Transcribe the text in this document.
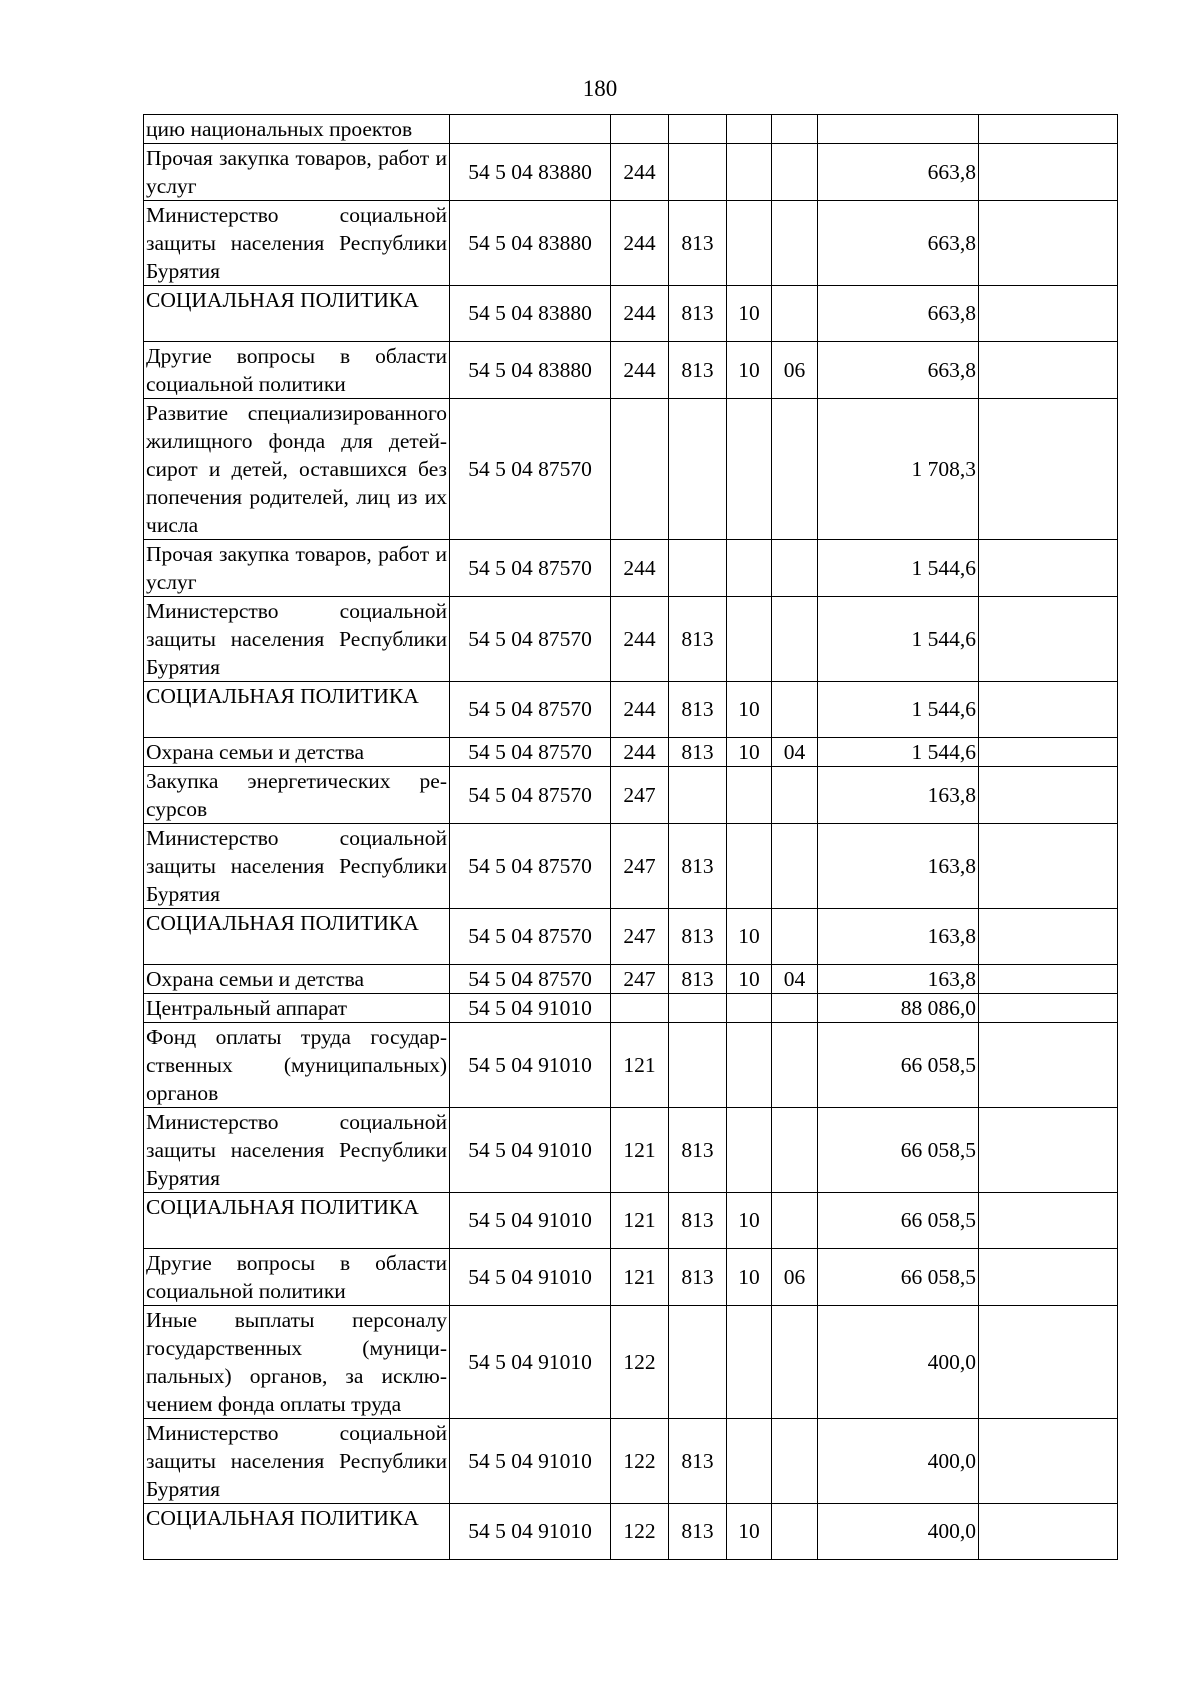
180
цию национальных проектов							
Прочая закупка товаров, работ и услуг	54 5 04 83880	244				663,8	
Министерство социальной защиты населения Республики Бурятия	54 5 04 83880	244	813			663,8	
СОЦИАЛЬНАЯ ПОЛИТИКА	54 5 04 83880	244	813	10		663,8	
Другие вопросы в области социальной политики	54 5 04 83880	244	813	10	06	663,8	
Развитие специализированного жилищного фонда для детей-сирот и детей, оставшихся без попечения родителей, лиц из их числа	54 5 04 87570					1 708,3	
Прочая закупка товаров, работ и услуг	54 5 04 87570	244				1 544,6	
Министерство социальной защиты населения Республики Бурятия	54 5 04 87570	244	813			1 544,6	
СОЦИАЛЬНАЯ ПОЛИТИКА	54 5 04 87570	244	813	10		1 544,6	
Охрана семьи и детства	54 5 04 87570	244	813	10	04	1 544,6	
Закупка энергетических ресурсов	54 5 04 87570	247				163,8	
Министерство социальной защиты населения Республики Бурятия	54 5 04 87570	247	813			163,8	
СОЦИАЛЬНАЯ ПОЛИТИКА	54 5 04 87570	247	813	10		163,8	
Охрана семьи и детства	54 5 04 87570	247	813	10	04	163,8	
Центральный аппарат	54 5 04 91010					88 086,0	
Фонд оплаты труда государственных (муниципальных) органов	54 5 04 91010	121				66 058,5	
Министерство социальной защиты населения Республики Бурятия	54 5 04 91010	121	813			66 058,5	
СОЦИАЛЬНАЯ ПОЛИТИКА	54 5 04 91010	121	813	10		66 058,5	
Другие вопросы в области социальной политики	54 5 04 91010	121	813	10	06	66 058,5	
Иные выплаты персоналу государственных (муниципальных) органов, за исключением фонда оплаты труда	54 5 04 91010	122				400,0	
Министерство социальной защиты населения Республики Бурятия	54 5 04 91010	122	813			400,0	
СОЦИАЛЬНАЯ ПОЛИТИКА	54 5 04 91010	122	813	10		400,0	
